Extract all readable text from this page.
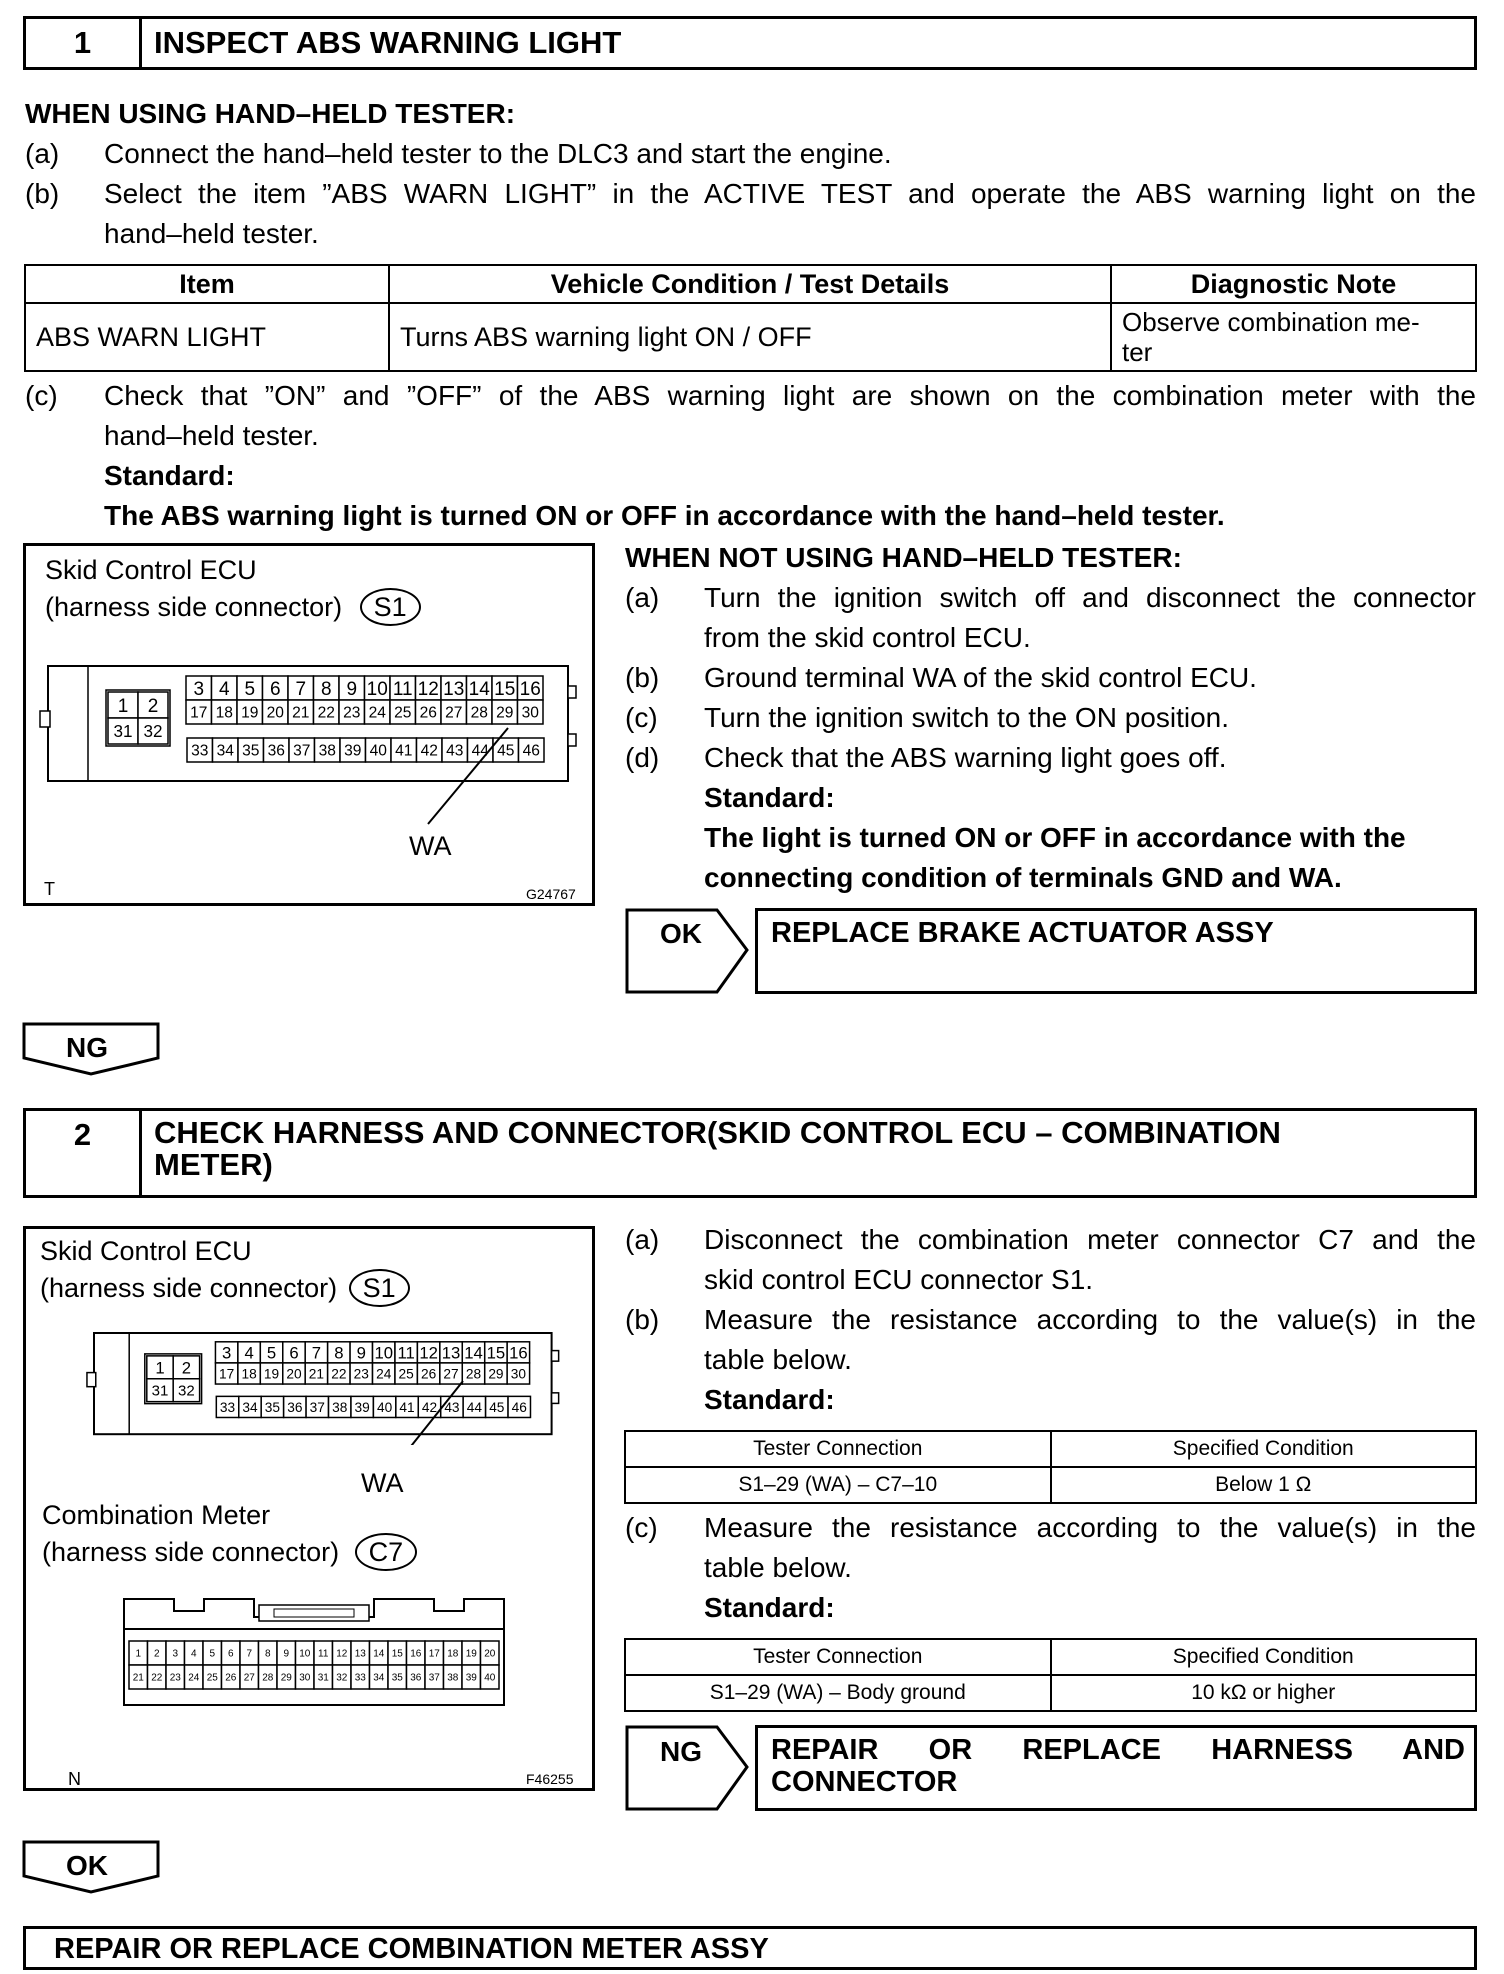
1	INSPECT ABS WARNING LIGHT
WHEN USING HAND–HELD TESTER:
(a) Connect the hand–held tester to the DLC3 and start the engine.
(b) Select the item ”ABS WARN LIGHT” in the ACTIVE TEST and operate the ABS warning light on the
hand–held tester.
Item	Vehicle Condition / Test Details	Diagnostic Note
ABS WARN LIGHT	Turns ABS warning light ON / OFF	Observe combination me-
ter
(c) Check that ”ON” and ”OFF” of the ABS warning light are shown on the combination meter with the
hand–held tester.
Standard:
The ABS warning light is turned ON or OFF in accordance with the hand–held tester.
Skid Control ECU
(harness side connector) S1
1 2
31 32
3 4 5 6 7 8 9 10 11 12 13 14 15 16
17 18 19 20 21 22 23 24 25 26 27 28 29 30
33 34 35 36 37 38 39 40 41 42 43 44 45 46
WA
T	G24767
WHEN NOT USING HAND–HELD TESTER:
(a) Turn the ignition switch off and disconnect the connector
from the skid control ECU.
(b) Ground terminal WA of the skid control ECU.
(c) Turn the ignition switch to the ON position.
(d) Check that the ABS warning light goes off.
Standard:
The light is turned ON or OFF in accordance with the
connecting condition of terminals GND and WA.
OK REPLACE BRAKE ACTUATOR ASSY
NG
2	CHECK HARNESS AND CONNECTOR(SKID CONTROL ECU – COMBINATION
METER)
Skid Control ECU
(harness side connector) S1
1 2
31 32
3 4 5 6 7 8 9 10 11 12 13 14 15 16
17 18 19 20 21 22 23 24 25 26 27 28 29 30
33 34 35 36 37 38 39 40 41 42 43 44 45 46
WA
Combination Meter
(harness side connector) C7
1 2 3 4 5 6 7 8 9 10 11 12 13 14 15 16 17 18 19 20
21 22 23 24 25 26 27 28 29 30 31 32 33 34 35 36 37 38 39 40
N	F46255
(a) Disconnect the combination meter connector C7 and the
skid control ECU connector S1.
(b) Measure the resistance according to the value(s) in the
table below.
Standard:
Tester Connection	Specified Condition
S1–29 (WA) – C7–10	Below 1 Ω
(c) Measure the resistance according to the value(s) in the
table below.
Standard:
Tester Connection	Specified Condition
S1–29 (WA) – Body ground	10 kΩ or higher
NG REPAIR OR REPLACE HARNESS AND
CONNECTOR
OK
REPAIR OR REPLACE COMBINATION METER ASSY
